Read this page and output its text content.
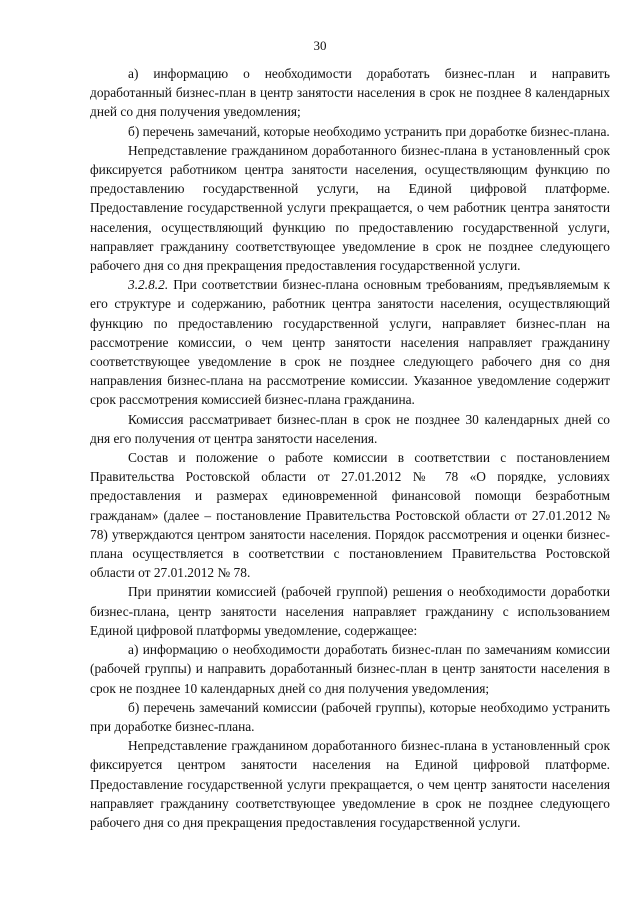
30

а) информацию о необходимости доработать бизнес-план и направить доработанный бизнес-план в центр занятости населения в срок не позднее 8 календарных дней со дня получения уведомления;

б) перечень замечаний, которые необходимо устранить при доработке бизнес-плана.

Непредставление гражданином доработанного бизнес-плана в установленный срок фиксируется работником центра занятости населения, осуществляющим функцию по предоставлению государственной услуги, на Единой цифровой платформе. Предоставление государственной услуги прекращается, о чем работник центра занятости населения, осуществляющий функцию по предоставлению государственной услуги, направляет гражданину соответствующее уведомление в срок не позднее следующего рабочего дня со дня прекращения предоставления государственной услуги.

3.2.8.2. При соответствии бизнес-плана основным требованиям, предъявляемым к его структуре и содержанию, работник центра занятости населения, осуществляющий функцию по предоставлению государственной услуги, направляет бизнес-план на рассмотрение комиссии, о чем центр занятости населения направляет гражданину соответствующее уведомление в срок не позднее следующего рабочего дня со дня направления бизнес-плана на рассмотрение комиссии. Указанное уведомление содержит срок рассмотрения комиссией бизнес-плана гражданина.

Комиссия рассматривает бизнес-план в срок не позднее 30 календарных дней со дня его получения от центра занятости населения.

Состав и положение о работе комиссии в соответствии с постановлением Правительства Ростовской области от 27.01.2012 № 78 «О порядке, условиях предоставления и размерах единовременной финансовой помощи безработным гражданам» (далее – постановление Правительства Ростовской области от 27.01.2012 № 78) утверждаются центром занятости населения. Порядок рассмотрения и оценки бизнес-плана осуществляется в соответствии с постановлением Правительства Ростовской области от 27.01.2012 № 78.

При принятии комиссией (рабочей группой) решения о необходимости доработки бизнес-плана, центр занятости населения направляет гражданину с использованием Единой цифровой платформы уведомление, содержащее:

а) информацию о необходимости доработать бизнес-план по замечаниям комиссии (рабочей группы) и направить доработанный бизнес-план в центр занятости населения в срок не позднее 10 календарных дней со дня получения уведомления;

б) перечень замечаний комиссии (рабочей группы), которые необходимо устранить при доработке бизнес-плана.

Непредставление гражданином доработанного бизнес-плана в установленный срок фиксируется центром занятости населения на Единой цифровой платформе. Предоставление государственной услуги прекращается, о чем центр занятости населения направляет гражданину соответствующее уведомление в срок не позднее следующего рабочего дня со дня прекращения предоставления государственной услуги.
